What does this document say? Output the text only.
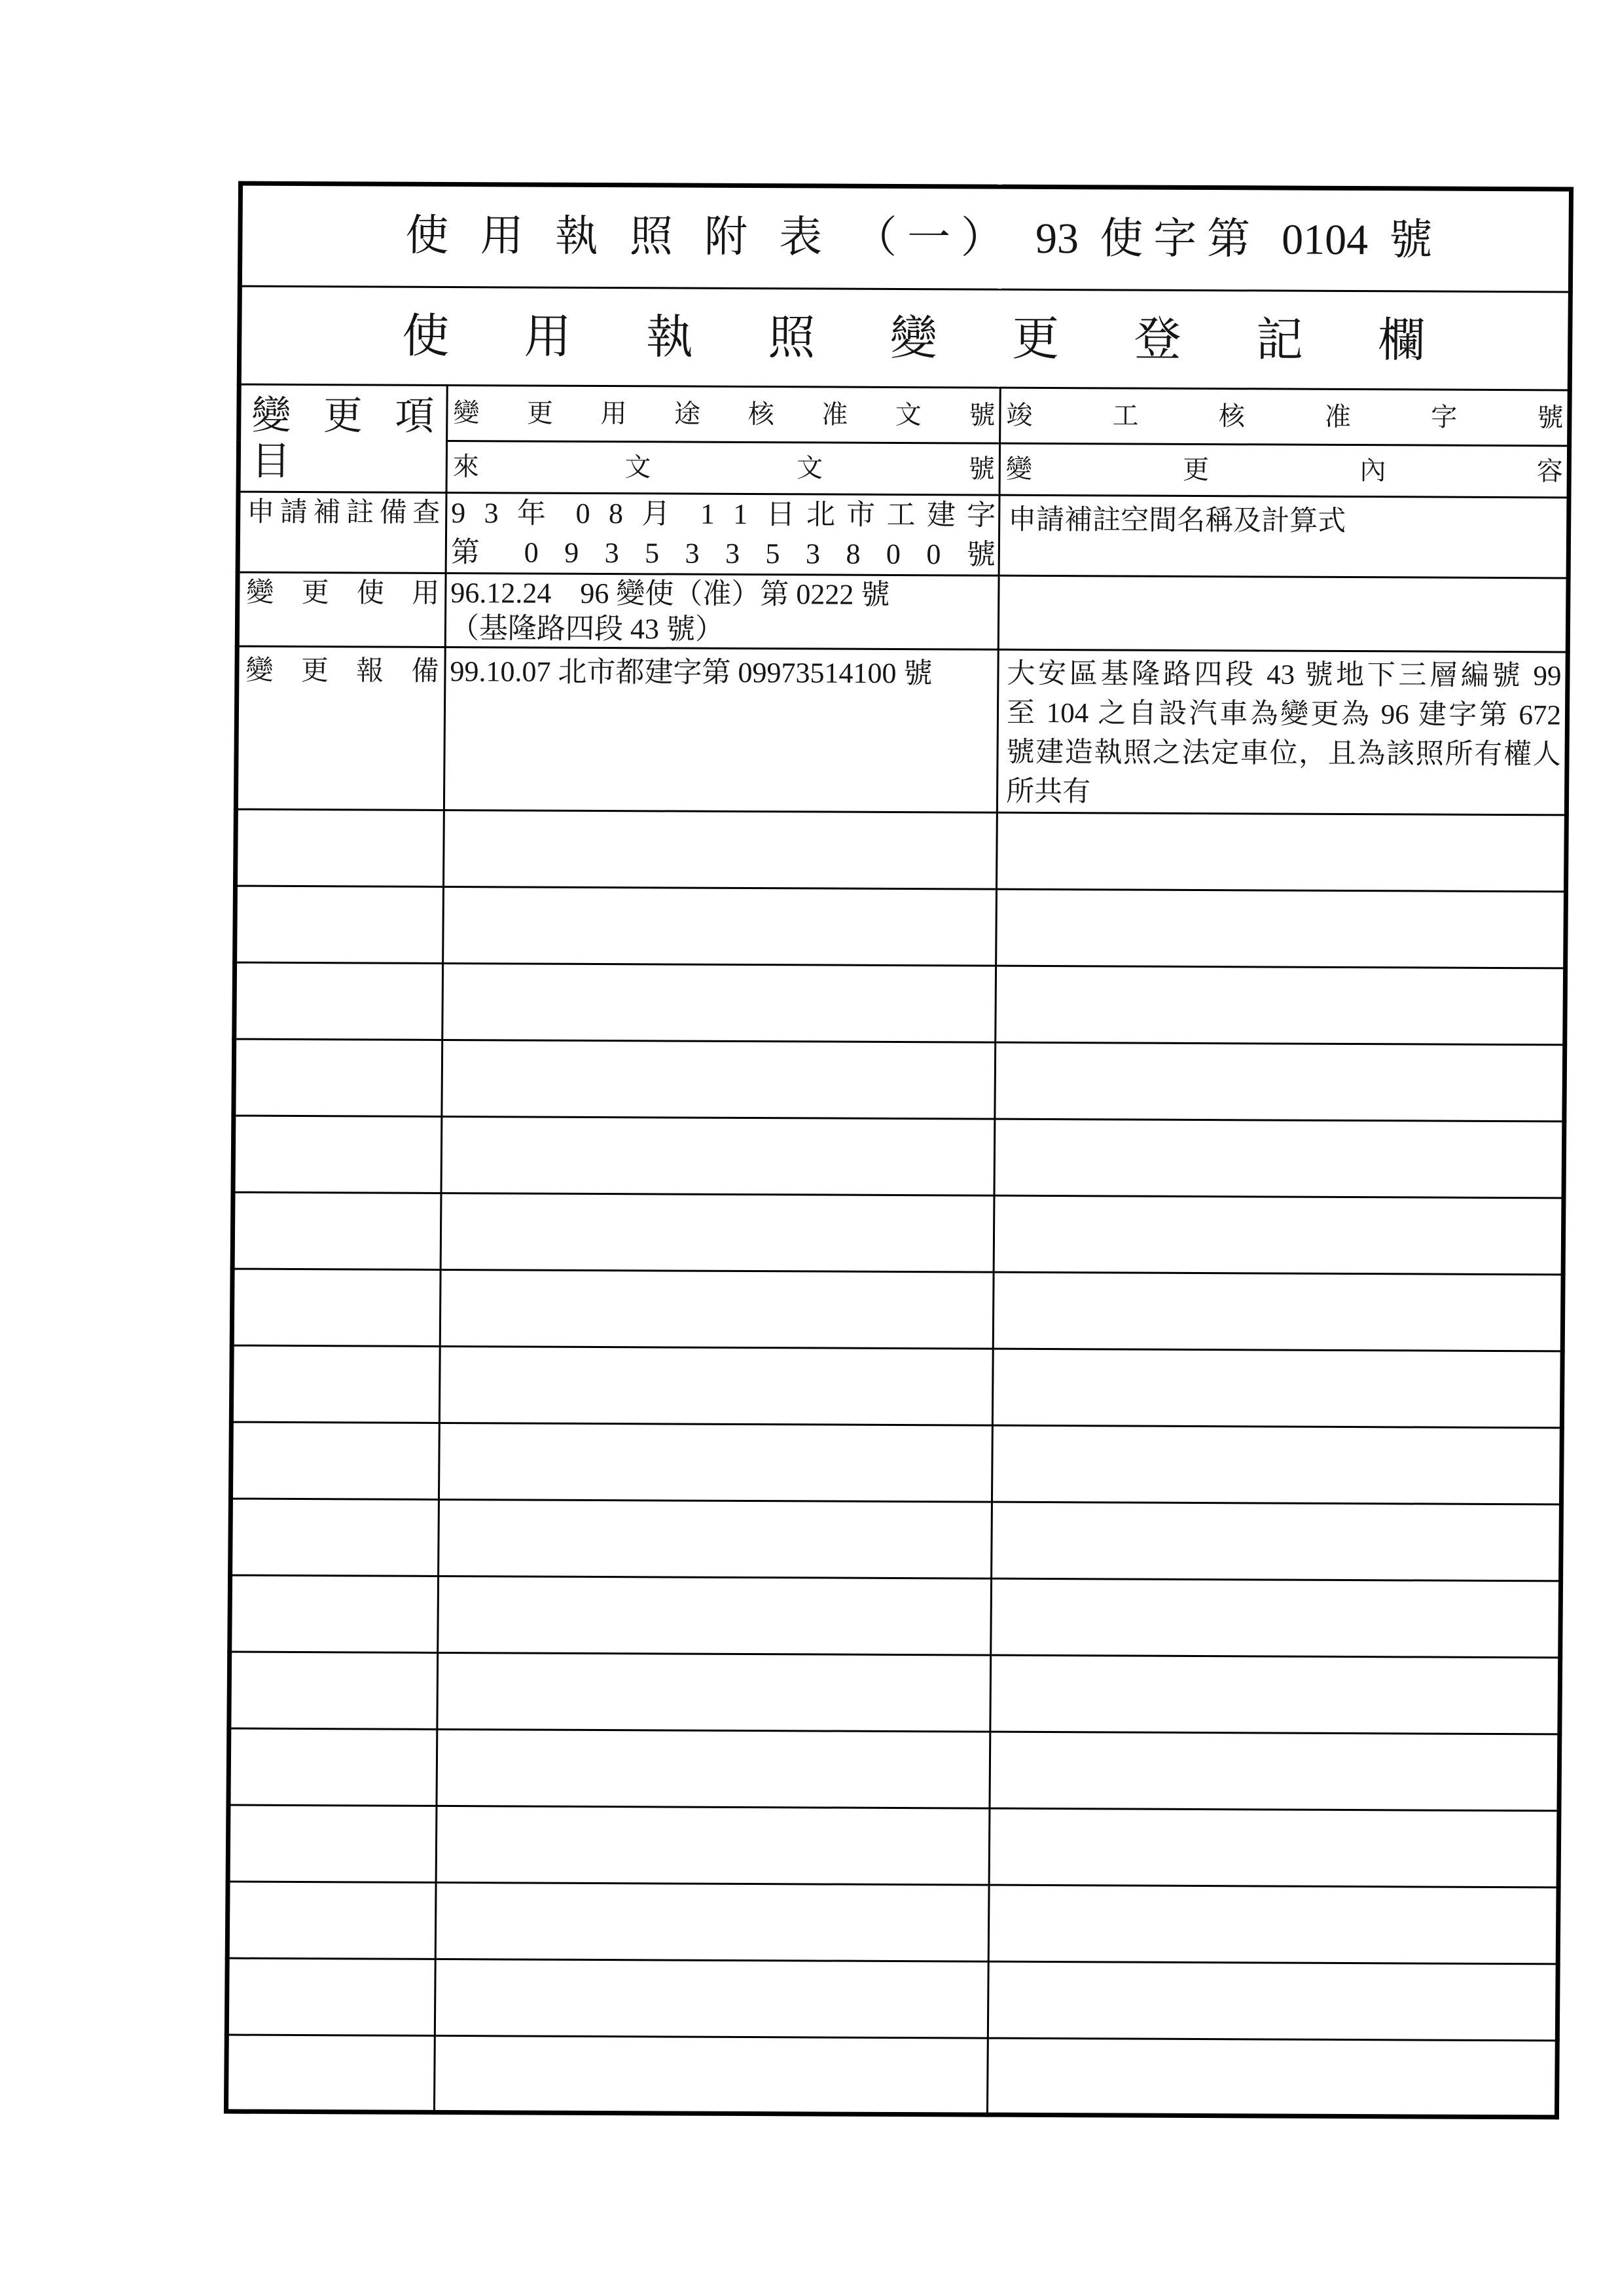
使 用 執 照 附 表 （一） 93 使字第 0104 號		

使 用 執 照 變 更 登 記 欄		

變 更 項 目	變 更 用 途 核 准 文 號	竣 工 核 准 字 號

	來 文 文 號	變 更 內 容

申請補註備查	9 3 年 0 8 月 1 1 日北市工建字
第 0 9 3 5 3 3 5 3 8 0 0 號	申請補註空間名稱及計算式

變 更 使 用	96.12.24　96 變使（准）第 0222 號
（基隆路四段 43 號）	

變 更 報 備	99.10.07 北市都建字第 09973514100 號	大安區基隆路四段 43 號地下三層編號 99
至 104 之自設汽車為變更為 96 建字第 672
號建造執照之法定車位，且為該照所有權人
所共有
